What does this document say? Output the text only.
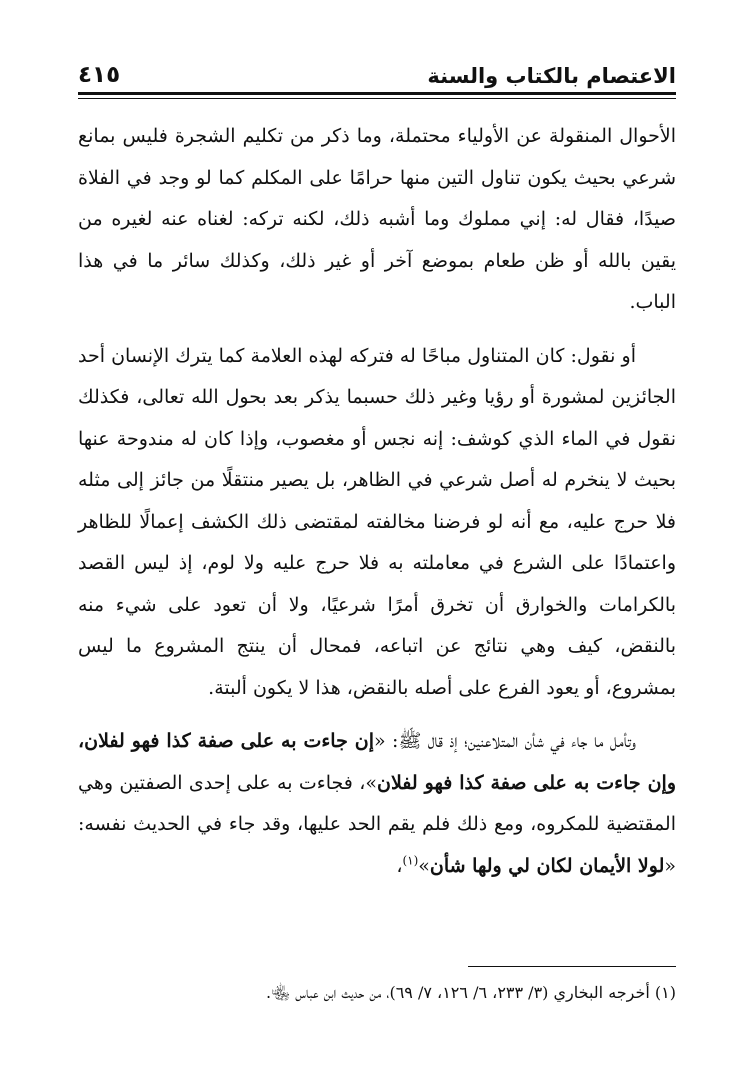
الاعتصام بالكتاب والسنة
٤١٥

الأحوال المنقولة عن الأولياء محتملة، وما ذكر من تكليم الشجرة فليس بمانع شرعي بحيث يكون تناول التين منها حرامًا على المكلم كما لو وجد في الفلاة صيدًا، فقال له: إني مملوك وما أشبه ذلك، لكنه تركه: لغناه عنه لغيره من يقين بالله أو ظن طعام بموضع آخر أو غير ذلك، وكذلك سائر ما في هذا الباب.

أو نقول: كان المتناول مباحًا له فتركه لهذه العلامة كما يترك الإنسان أحد الجائزين لمشورة أو رؤيا وغير ذلك حسبما يذكر بعد بحول الله تعالى، فكذلك نقول في الماء الذي كوشف: إنه نجس أو مغصوب، وإذا كان له مندوحة عنها بحيث لا ينخرم له أصل شرعي في الظاهر، بل يصير منتقلًا من جائز إلى مثله فلا حرج عليه، مع أنه لو فرضنا مخالفته لمقتضى ذلك الكشف إعمالًا للظاهر واعتمادًا على الشرع في معاملته به فلا حرج عليه ولا لوم، إذ ليس القصد بالكرامات والخوارق أن تخرق أمرًا شرعيًا، ولا أن تعود على شيء منه بالنقض، كيف وهي نتائج عن اتباعه، فمحال أن ينتج المشروع ما ليس بمشروع، أو يعود الفرع على أصله بالنقض، هذا لا يكون ألبتة.

وتأمل ما جاء في شأن المتلاعنين؛ إذ قال ﷺ: «إن جاءت به على صفة كذا فهو لفلان، وإن جاءت به على صفة كذا فهو لفلان»، فجاءت به على إحدى الصفتين وهي المقتضية للمكروه، ومع ذلك فلم يقم الحد عليها، وقد جاء في الحديث نفسه: «لولا الأيمان لكان لي ولها شأن»$^{(١)}$،

(١) أخرجه البخاري (٣/ ٢٣٣، ٦/ ١٢٦، ٧/ ٦٩)، من حديث ابن عباس ﵄.
